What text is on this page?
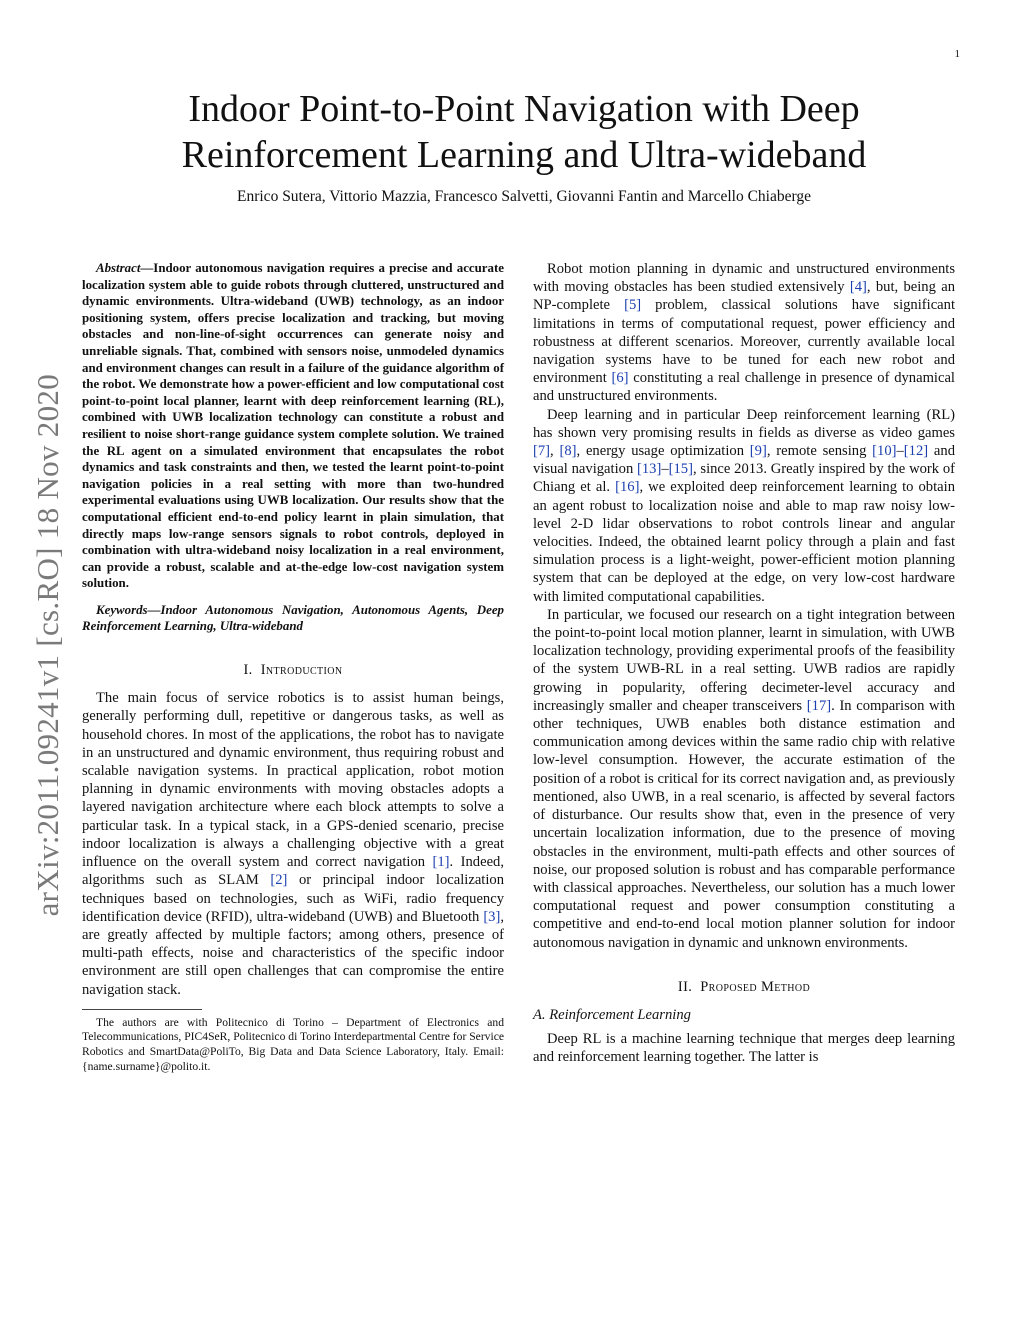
1
arXiv:2011.09241v1 [cs.RO] 18 Nov 2020
Indoor Point-to-Point Navigation with Deep Reinforcement Learning and Ultra-wideband
Enrico Sutera, Vittorio Mazzia, Francesco Salvetti, Giovanni Fantin and Marcello Chiaberge

Abstract—Indoor autonomous navigation requires a precise and accurate localization system able to guide robots through cluttered, unstructured and dynamic environments. Ultra-wideband (UWB) technology, as an indoor positioning system, offers precise localization and tracking, but moving obstacles and non-line-of-sight occurrences can generate noisy and unreliable signals. That, combined with sensors noise, unmodeled dynamics and environment changes can result in a failure of the guidance algorithm of the robot. We demonstrate how a power-efficient and low computational cost point-to-point local planner, learnt with deep reinforcement learning (RL), combined with UWB localization technology can constitute a robust and resilient to noise short-range guidance system complete solution. We trained the RL agent on a simulated environment that encapsulates the robot dynamics and task constraints and then, we tested the learnt point-to-point navigation policies in a real setting with more than two-hundred experimental evaluations using UWB localization. Our results show that the computational efficient end-to-end policy learnt in plain simulation, that directly maps low-range sensors signals to robot controls, deployed in combination with ultra-wideband noisy localization in a real environment, can provide a robust, scalable and at-the-edge low-cost navigation system solution.

Keywords—Indoor Autonomous Navigation, Autonomous Agents, Deep Reinforcement Learning, Ultra-wideband

I. Introduction

The main focus of service robotics is to assist human beings, generally performing dull, repetitive or dangerous tasks, as well as household chores. In most of the applications, the robot has to navigate in an unstructured and dynamic environment, thus requiring robust and scalable navigation systems. In practical application, robot motion planning in dynamic environments with moving obstacles adopts a layered navigation architecture where each block attempts to solve a particular task. In a typical stack, in a GPS-denied scenario, precise indoor localization is always a challenging objective with a great influence on the overall system and correct navigation [1]. Indeed, algorithms such as SLAM [2] or principal indoor localization techniques based on technologies, such as WiFi, radio frequency identification device (RFID), ultra-wideband (UWB) and Bluetooth [3], are greatly affected by multiple factors; among others, presence of multi-path effects, noise and characteristics of the specific indoor environment are still open challenges that can compromise the entire navigation stack.

The authors are with Politecnico di Torino – Department of Electronics and Telecommunications, PIC4SeR, Politecnico di Torino Interdepartmental Centre for Service Robotics and SmartData@PoliTo, Big Data and Data Science Laboratory, Italy. Email: {name.surname}@polito.it.

Robot motion planning in dynamic and unstructured environments with moving obstacles has been studied extensively [4], but, being an NP-complete [5] problem, classical solutions have significant limitations in terms of computational request, power efficiency and robustness at different scenarios. Moreover, currently available local navigation systems have to be tuned for each new robot and environment [6] constituting a real challenge in presence of dynamical and unstructured environments.

Deep learning and in particular Deep reinforcement learning (RL) has shown very promising results in fields as diverse as video games [7], [8], energy usage optimization [9], remote sensing [10]–[12] and visual navigation [13]–[15], since 2013. Greatly inspired by the work of Chiang et al. [16], we exploited deep reinforcement learning to obtain an agent robust to localization noise and able to map raw noisy low-level 2-D lidar observations to robot controls linear and angular velocities. Indeed, the obtained learnt policy through a plain and fast simulation process is a light-weight, power-efficient motion planning system that can be deployed at the edge, on very low-cost hardware with limited computational capabilities.

In particular, we focused our research on a tight integration between the point-to-point local motion planner, learnt in simulation, with UWB localization technology, providing experimental proofs of the feasibility of the system UWB-RL in a real setting. UWB radios are rapidly growing in popularity, offering decimeter-level accuracy and increasingly smaller and cheaper transceivers [17]. In comparison with other techniques, UWB enables both distance estimation and communication among devices within the same radio chip with relative low-level consumption. However, the accurate estimation of the position of a robot is critical for its correct navigation and, as previously mentioned, also UWB, in a real scenario, is affected by several factors of disturbance. Our results show that, even in the presence of very uncertain localization information, due to the presence of moving obstacles in the environment, multi-path effects and other sources of noise, our proposed solution is robust and has comparable performance with classical approaches. Nevertheless, our solution has a much lower computational request and power consumption constituting a competitive and end-to-end local motion planner solution for indoor autonomous navigation in dynamic and unknown environments.

II. Proposed Method
A. Reinforcement Learning

Deep RL is a machine learning technique that merges deep learning and reinforcement learning together. The latter is
